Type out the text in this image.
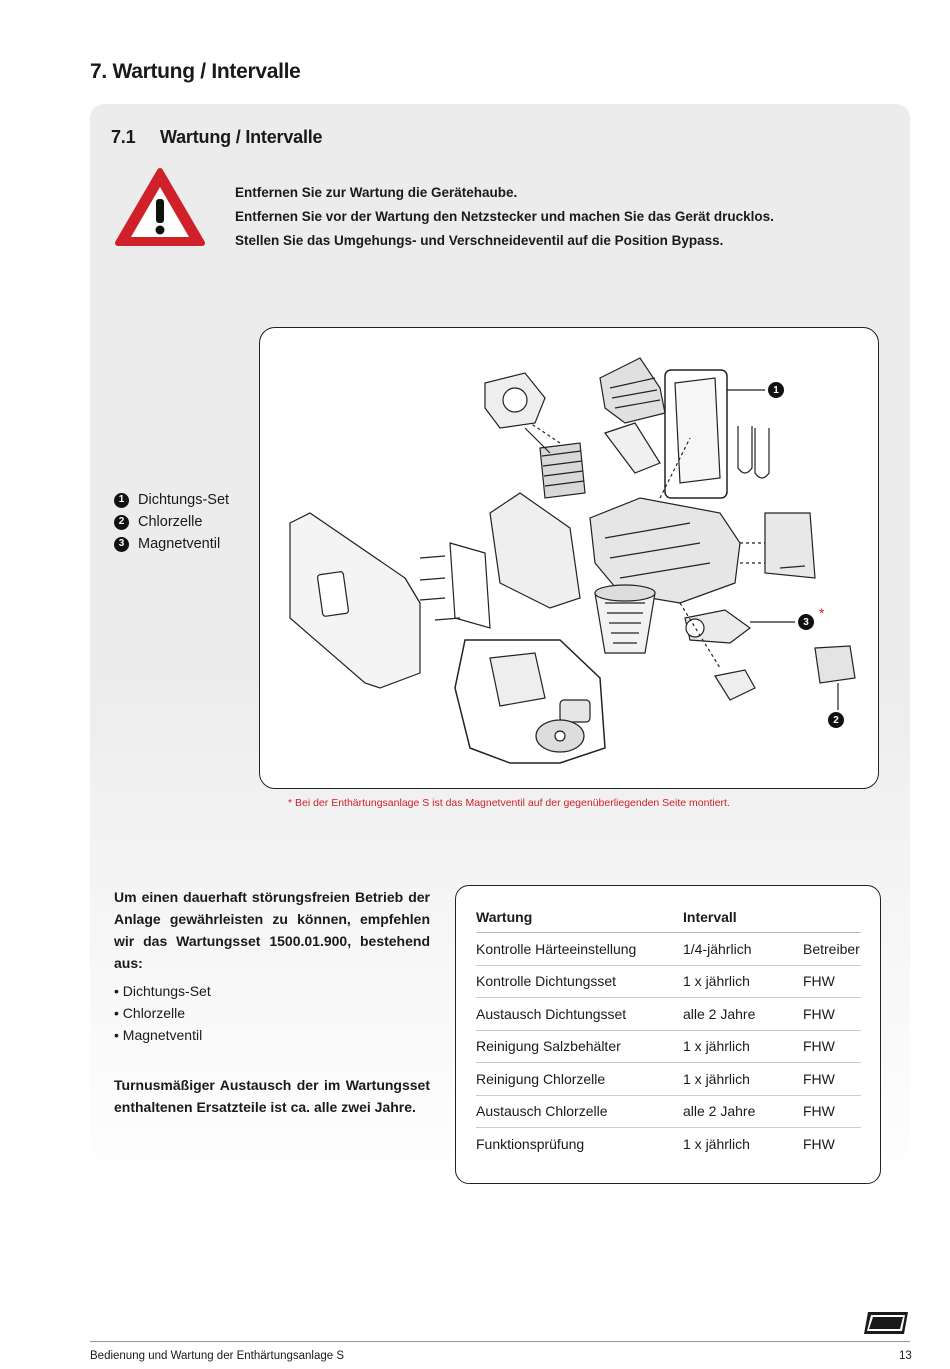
7. Wartung / Intervalle
7.1 Wartung / Intervalle
Entfernen Sie zur Wartung die Gerätehaube.
Entfernen Sie vor der Wartung den Netzstecker und machen Sie das Gerät drucklos.
Stellen Sie das Umgehungs- und Verschneideventil auf die Position Bypass.
1 Dichtungs-Set
2 Chlorzelle
3 Magnetventil
1
2
3
*
* Bei der Enthärtungsanlage S ist das Magnetventil auf der gegenüberliegenden Seite montiert.
Um einen dauerhaft störungsfreien Betrieb der Anlage gewährleisten zu können, empfehlen wir das Wartungsset 1500.01.900, bestehend aus:
• Dichtungs-Set
• Chlorzelle
• Magnetventil
Turnusmäßiger Austausch der im Wartungsset enthaltenen Ersatzteile ist ca. alle zwei Jahre.
Wartung	Intervall	
Kontrolle Härteeinstellung	1/4-jährlich	Betreiber
Kontrolle Dichtungsset	1 x jährlich	FHW
Austausch Dichtungsset	alle 2 Jahre	FHW
Reinigung Salzbehälter	1 x jährlich	FHW
Reinigung Chlorzelle	1 x jährlich	FHW
Austausch Chlorzelle	alle 2 Jahre	FHW
Funktionsprüfung	1 x jährlich	FHW
Bedienung und Wartung der Enthärtungsanlage S	13
